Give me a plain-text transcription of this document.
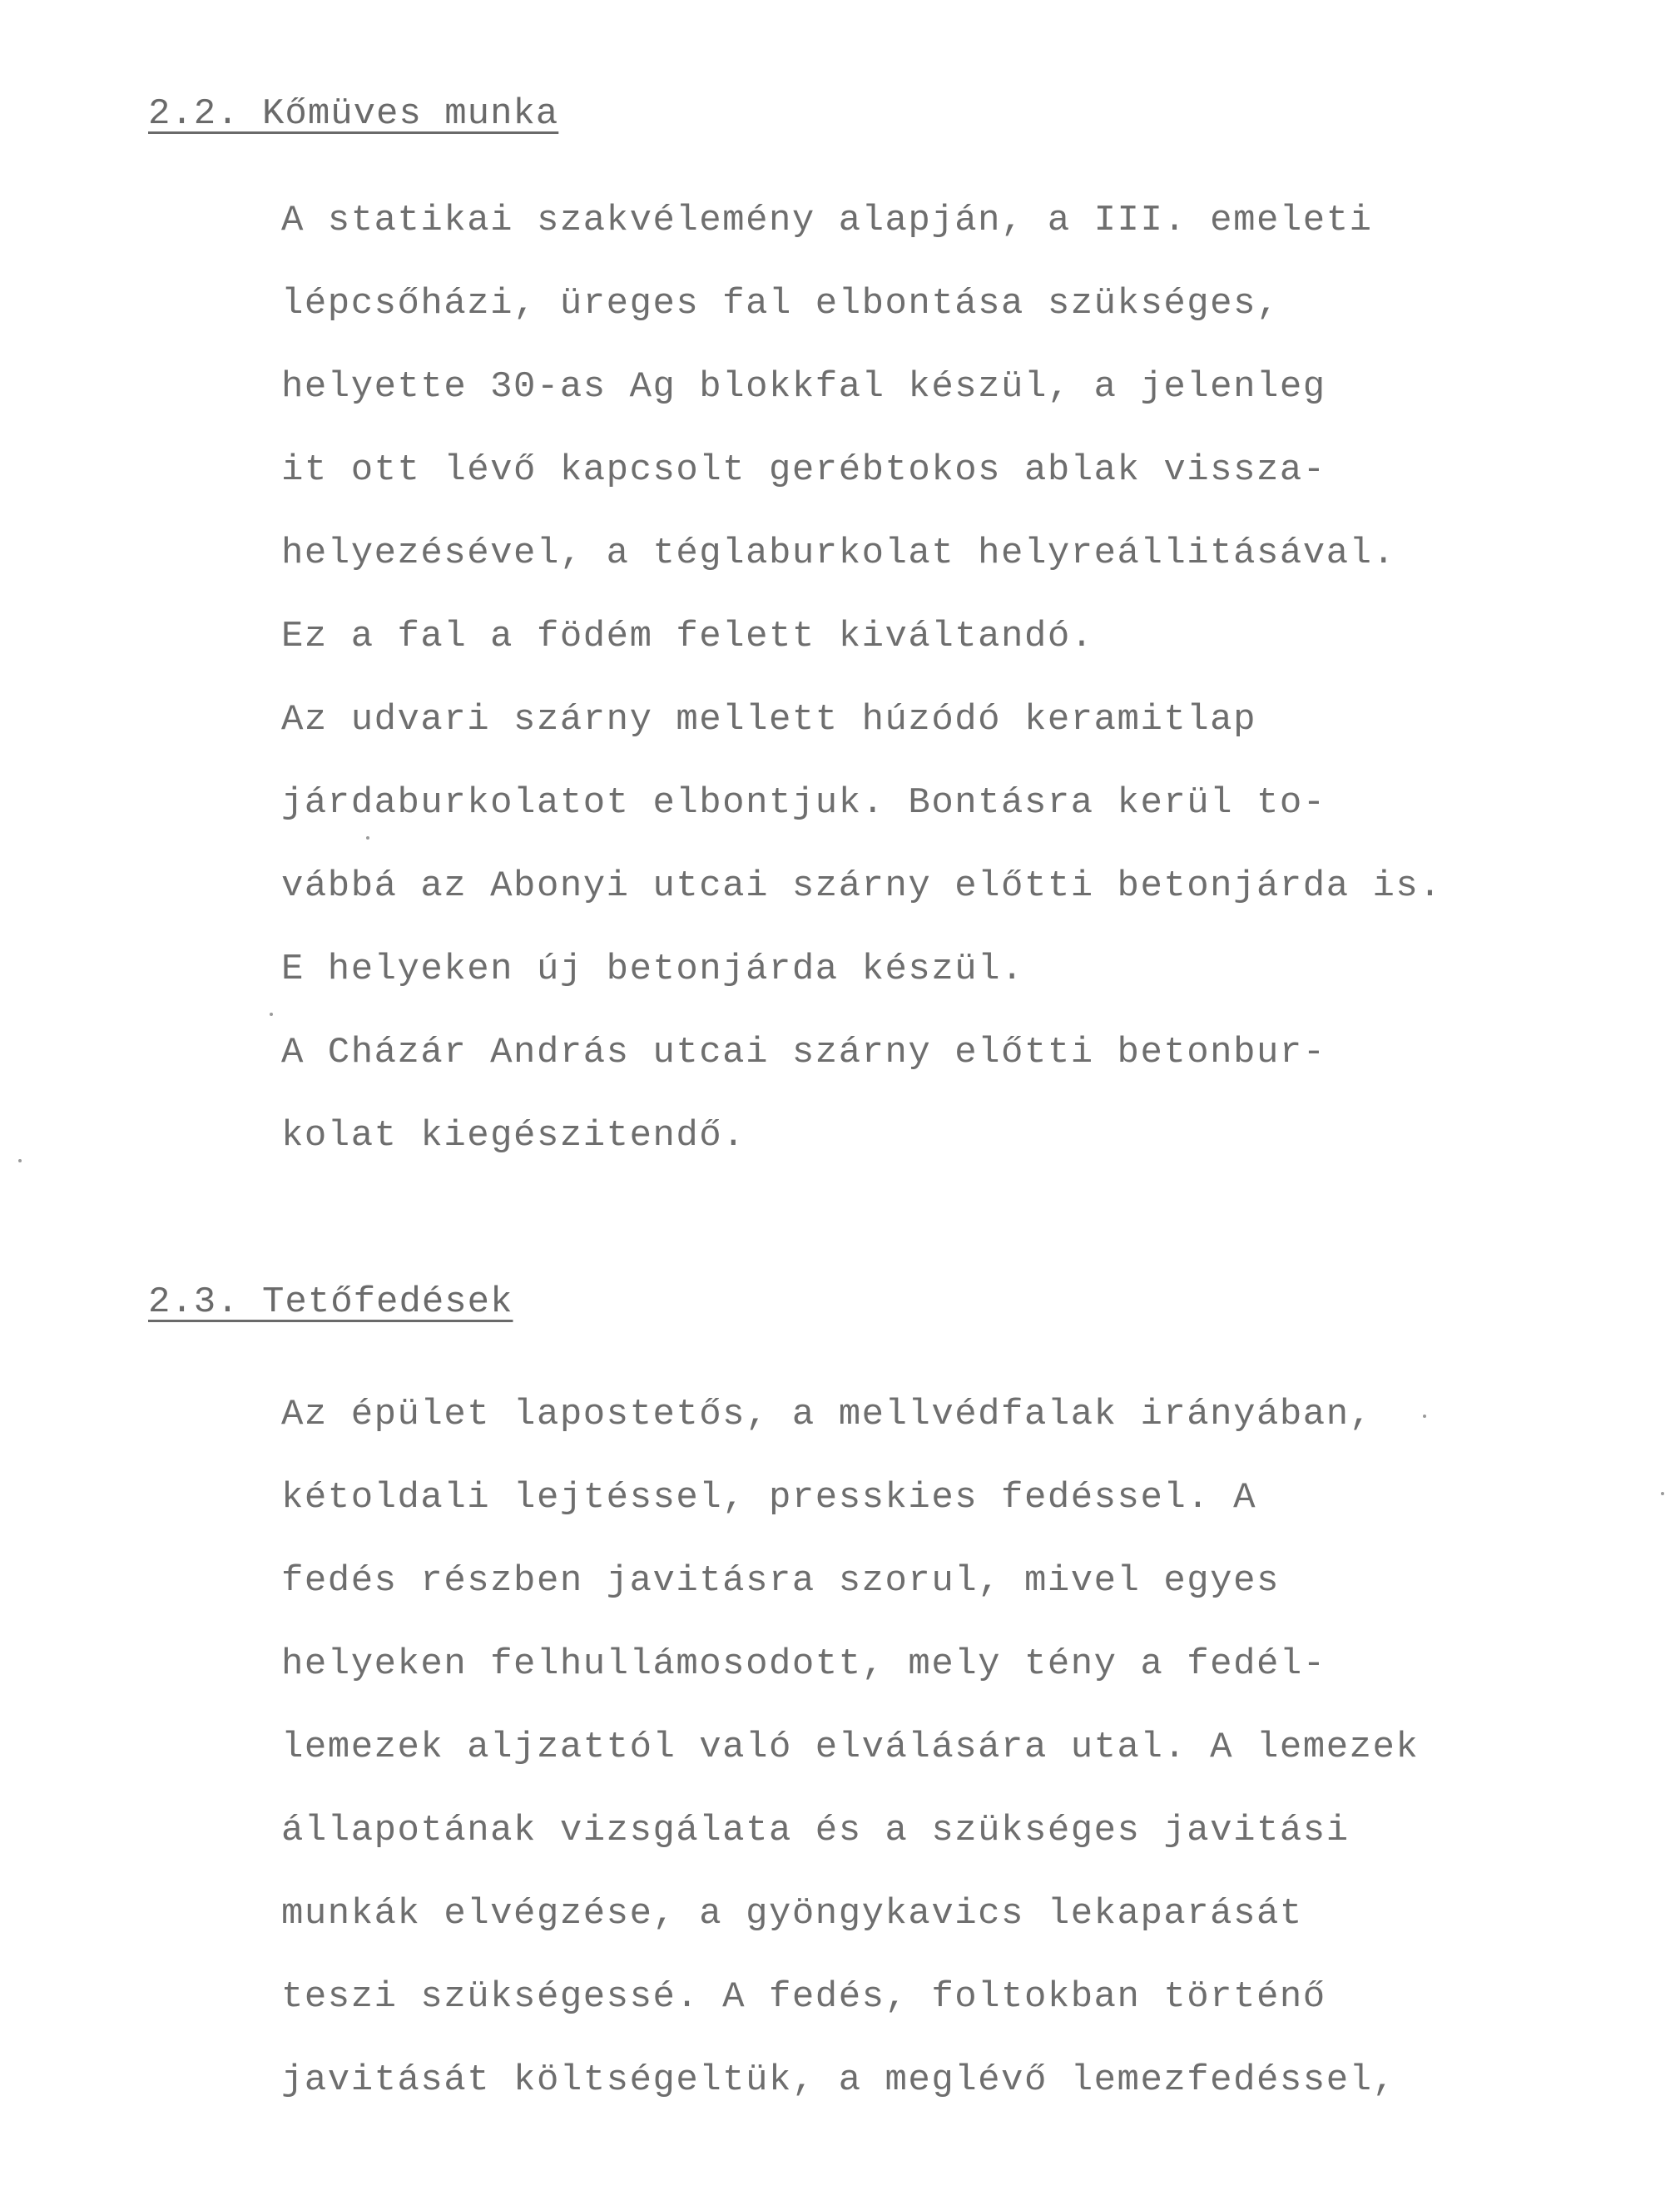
2.2. Kőmüves munka
A statikai szakvélemény alapján, a III. emeleti
lépcsőházi, üreges fal elbontása szükséges,
helyette 30-as Ag blokkfal készül, a jelenleg
it ott lévő kapcsolt gerébtokos ablak vissza-
helyezésével, a téglaburkolat helyreállitásával.
Ez a fal a födém felett kiváltandó.
Az udvari szárny mellett húzódó keramitlap
járdaburkolatot elbontjuk. Bontásra kerül to-
vábbá az Abonyi utcai szárny előtti betonjárda is.
E helyeken új betonjárda készül.
A Cházár András utcai szárny előtti betonbur-
kolat kiegészitendő.
2.3. Tetőfedések
Az épület lapostetős, a mellvédfalak irányában,
kétoldali lejtéssel, presskies fedéssel. A
fedés részben javitásra szorul, mivel egyes
helyeken felhullámosodott, mely tény a fedél-
lemezek aljzattól való elválására utal. A lemezek
állapotának vizsgálata és a szükséges javitási
munkák elvégzése, a gyöngykavics lekaparását
teszi szükségessé. A fedés, foltokban történő
javitását költségeltük, a meglévő lemezfedéssel,
